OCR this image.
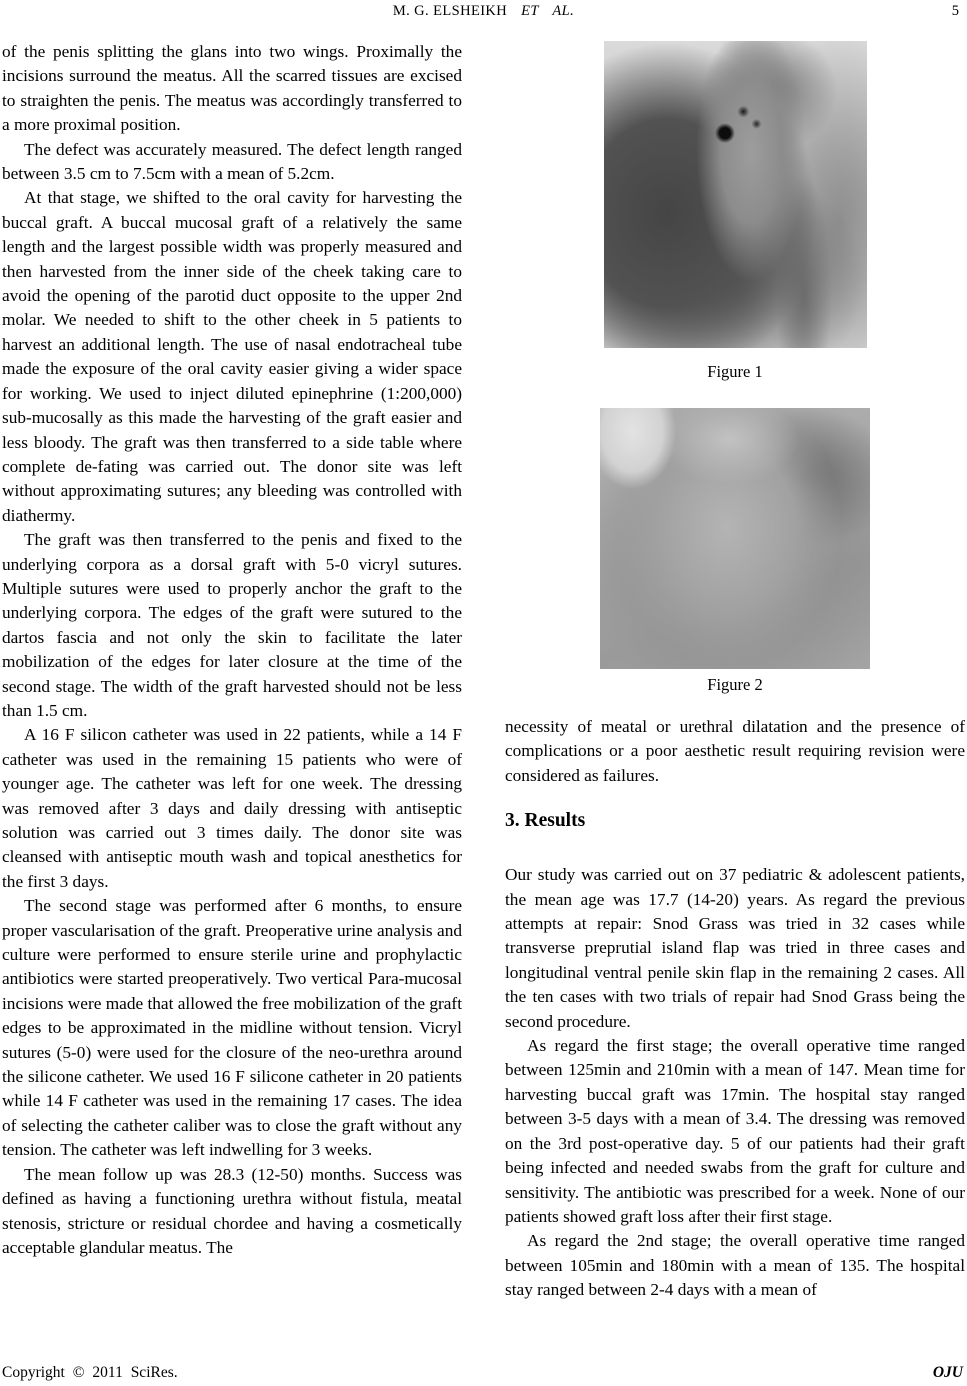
M. G. ELSHEIKH ET AL.	5

of the penis splitting the glans into two wings. Proximally the incisions surround the meatus. All the scarred tissues are excised to straighten the penis. The meatus was accordingly transferred to a more proximal position.

The defect was accurately measured. The defect length ranged between 3.5 cm to 7.5cm with a mean of 5.2cm.

At that stage, we shifted to the oral cavity for harvesting the buccal graft. A buccal mucosal graft of a relatively the same length and the largest possible width was properly measured and then harvested from the inner side of the cheek taking care to avoid the opening of the parotid duct opposite to the upper 2nd molar. We needed to shift to the other cheek in 5 patients to harvest an additional length. The use of nasal endotracheal tube made the exposure of the oral cavity easier giving a wider space for working. We used to inject diluted epinephrine (1:200,000) sub-mucosally as this made the harvesting of the graft easier and less bloody. The graft was then transferred to a side table where complete de-fating was carried out. The donor site was left without approximating sutures; any bleeding was controlled with diathermy.

The graft was then transferred to the penis and fixed to the underlying corpora as a dorsal graft with 5-0 vicryl sutures. Multiple sutures were used to properly anchor the graft to the underlying corpora. The edges of the graft were sutured to the dartos fascia and not only the skin to facilitate the later mobilization of the edges for later closure at the time of the second stage. The width of the graft harvested should not be less than 1.5 cm.

A 16 F silicon catheter was used in 22 patients, while a 14 F catheter was used in the remaining 15 patients who were of younger age. The catheter was left for one week. The dressing was removed after 3 days and daily dressing with antiseptic solution was carried out 3 times daily. The donor site was cleansed with antiseptic mouth wash and topical anesthetics for the first 3 days.

The second stage was performed after 6 months, to ensure proper vascularisation of the graft. Preoperative urine analysis and culture were performed to ensure sterile urine and prophylactic antibiotics were started preoperatively. Two vertical Para-mucosal incisions were made that allowed the free mobilization of the graft edges to be approximated in the midline without tension. Vicryl sutures (5-0) were used for the closure of the neo-urethra around the silicone catheter. We used 16 F silicone catheter in 20 patients while 14 F catheter was used in the remaining 17 cases. The idea of selecting the catheter caliber was to close the graft without any tension. The catheter was left indwelling for 3 weeks.

The mean follow up was 28.3 (12-50) months. Success was defined as having a functioning urethra without fistula, meatal stenosis, stricture or residual chordee and having a cosmetically acceptable glandular meatus. The

Figure 1
Figure 2

necessity of meatal or urethral dilatation and the presence of complications or a poor aesthetic result requiring revision were considered as failures.

3. Results

Our study was carried out on 37 pediatric & adolescent patients, the mean age was 17.7 (14-20) years. As regard the previous attempts at repair: Snod Grass was tried in 32 cases while transverse preprutial island flap was tried in three cases and longitudinal ventral penile skin flap in the remaining 2 cases. All the ten cases with two trials of repair had Snod Grass being the second procedure.

As regard the first stage; the overall operative time ranged between 125min and 210min with a mean of 147. Mean time for harvesting buccal graft was 17min. The hospital stay ranged between 3-5 days with a mean of 3.4. The dressing was removed on the 3rd post-operative day. 5 of our patients had their graft being infected and needed swabs from the graft for culture and sensitivity. The antibiotic was prescribed for a week. None of our patients showed graft loss after their first stage.

As regard the 2nd stage; the overall operative time ranged between 105min and 180min with a mean of 135. The hospital stay ranged between 2-4 days with a mean of

Copyright © 2011 SciRes.	OJU
